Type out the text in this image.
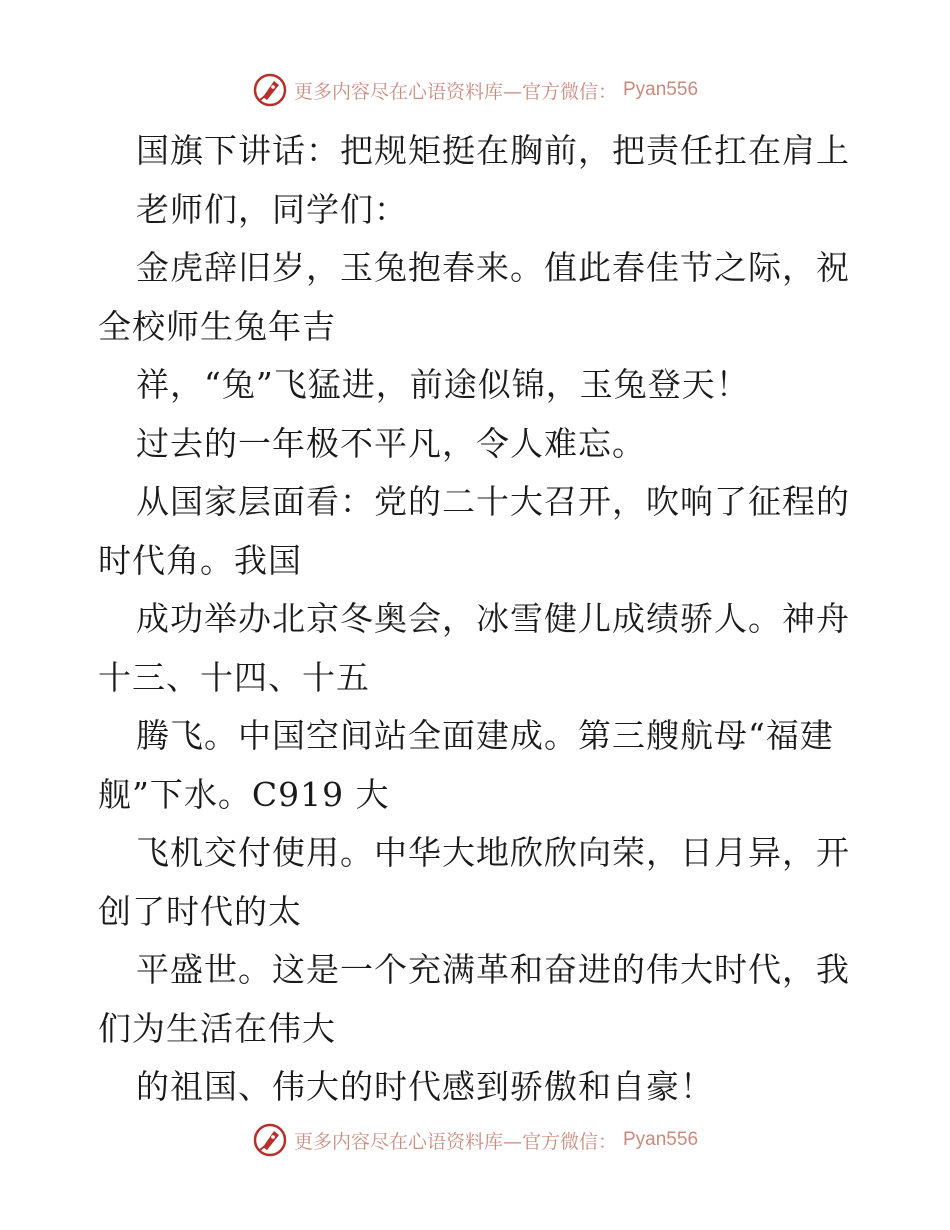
更多内容尽在心语资料库—官方微信： Pyan556
国旗下讲话：把规矩挺在胸前，把责任扛在肩上
老师们，同学们：
金虎辞旧岁，玉兔抱春来。值此春佳节之际，祝
全校师生兔年吉
祥，“兔”飞猛进，前途似锦，玉兔登天！
过去的一年极不平凡，令人难忘。
从国家层面看：党的二十大召开，吹响了征程的
时代角。我国
成功举办北京冬奥会，冰雪健儿成绩骄人。神舟
十三、十四、十五
腾飞。中国空间站全面建成。第三艘航母“福建
舰”下水。C919 大
飞机交付使用。中华大地欣欣向荣，日月异，开
创了时代的太
平盛世。这是一个充满革和奋进的伟大时代，我
们为生活在伟大
的祖国、伟大的时代感到骄傲和自豪！
更多内容尽在心语资料库—官方微信： Pyan556
